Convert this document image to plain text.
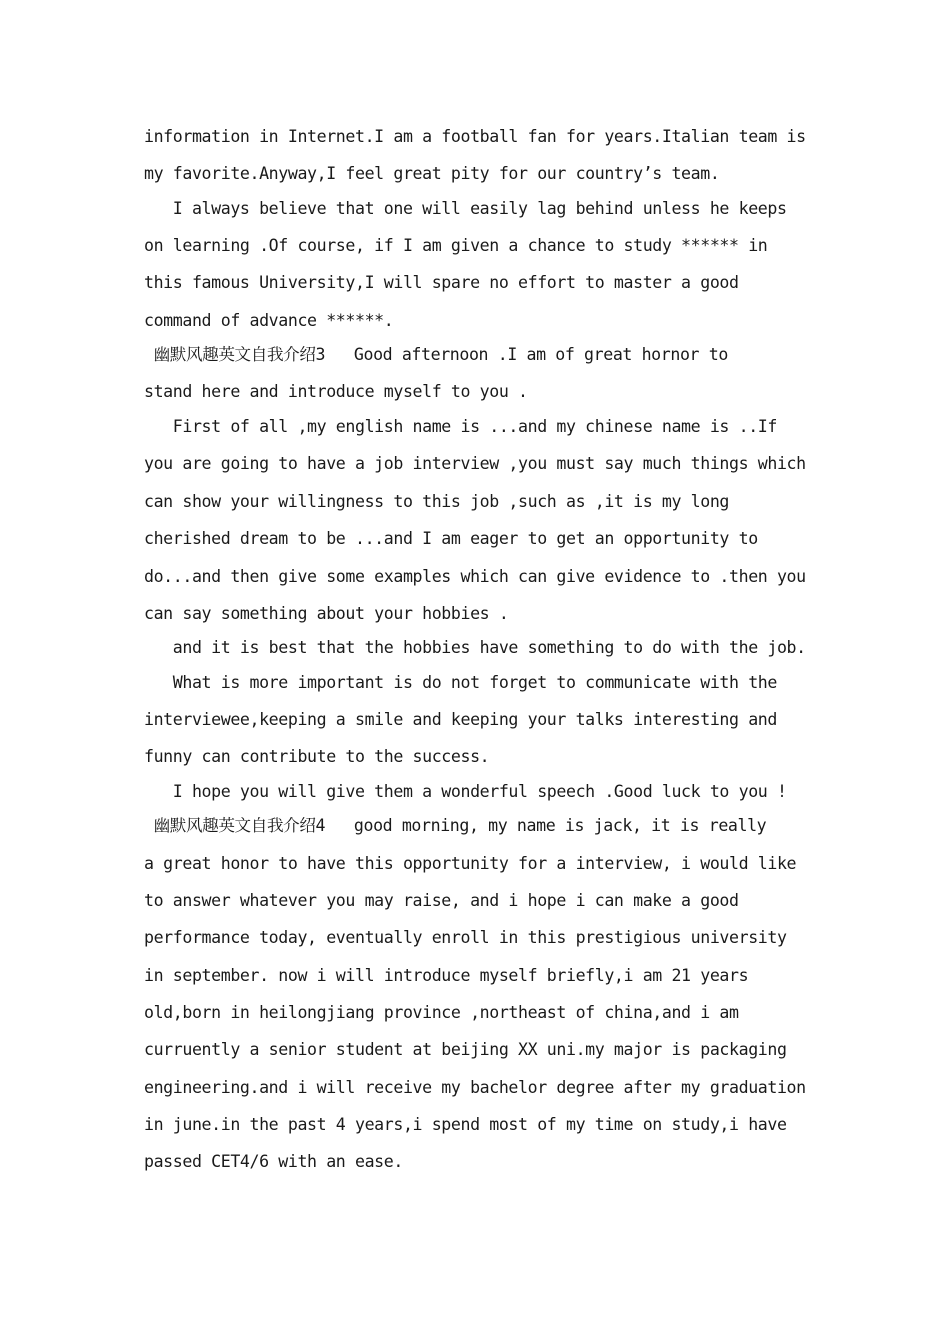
information in Internet.I am a football fan for years.Italian team is

my favorite.Anyway,I feel great pity for our country’s team.

I always believe that one will easily lag behind unless he keeps

on learning .Of course, if I am given a chance to study ****** in

this famous University,I will spare no effort to master a good

command of advance ******.

幽默风趣英文自我介绍3   Good afternoon .I am of great hornor to

stand here and introduce myself to you .

First of all ,my english name is ...and my chinese name is ..If

you are going to have a job interview ,you must say much things which

can show your willingness to this job ,such as ,it is my long

cherished dream to be ...and I am eager to get an opportunity to

do...and then give some examples which can give evidence to .then you

can say something about your hobbies .

and it is best that the hobbies have something to do with the job.

What is more important is do not forget to communicate with the

interviewee,keeping a smile and keeping your talks interesting and

funny can contribute to the success.

I hope you will give them a wonderful speech .Good luck to you !

幽默风趣英文自我介绍4   good morning, my name is jack, it is really

a great honor to have this opportunity for a interview, i would like

to answer whatever you may raise, and i hope i can make a good

performance today, eventually enroll in this prestigious university

in september. now i will introduce myself briefly,i am 21 years

old,born in heilongjiang province ,northeast of china,and i am

curruently a senior student at beijing XX uni.my major is packaging

engineering.and i will receive my bachelor degree after my graduation

in june.in the past 4 years,i spend most of my time on study,i have

passed CET4/6 with an ease.
